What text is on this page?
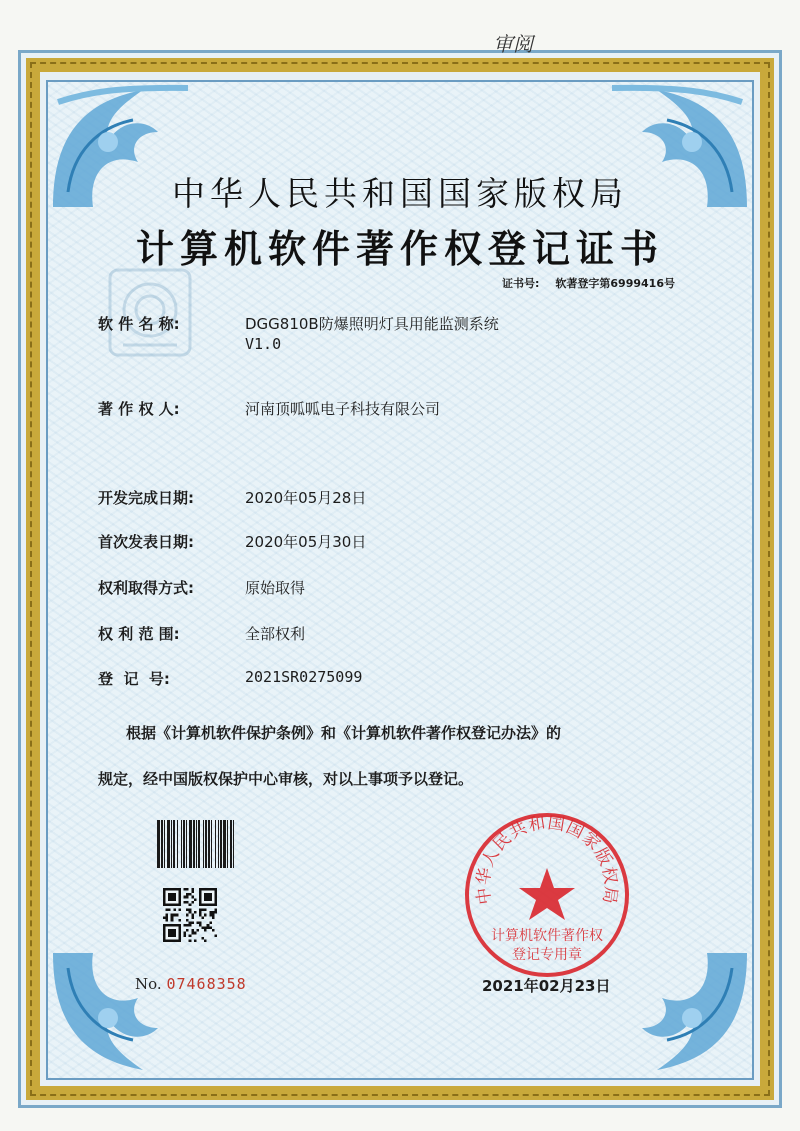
审阅
中华人民共和国国家版权局
计算机软件著作权登记证书
证书号: 软著登字第6999416号
软 件 名 称:	DGG810B防爆照明灯具用能监测系统
V1.0
著 作 权 人:	河南顶呱呱电子科技有限公司
开发完成日期:	2020年05月28日
首次发表日期:	2020年05月30日
权利取得方式:	原始取得
权 利 范 围:	全部权利
登  记  号:	2021SR0275099
根据《计算机软件保护条例》和《计算机软件著作权登记办法》的
规定，经中国版权保护中心审核，对以上事项予以登记。
No. 07468358
中华人民共和国国家版权局
计算机软件著作权
登记专用章
2021年02月23日
